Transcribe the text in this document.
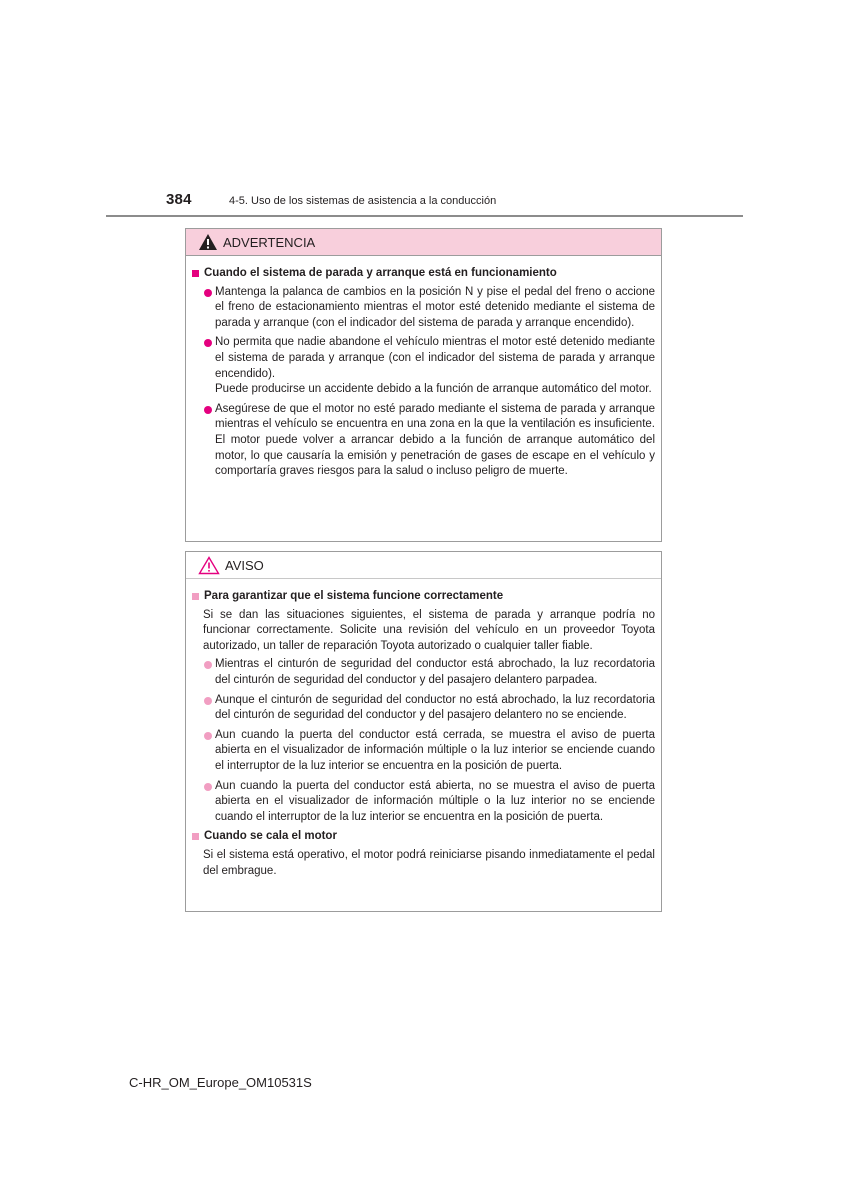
384	4-5. Uso de los sistemas de asistencia a la conducción
ADVERTENCIA
Cuando el sistema de parada y arranque está en funcionamiento
Mantenga la palanca de cambios en la posición N y pise el pedal del freno o accione el freno de estacionamiento mientras el motor esté detenido mediante el sistema de parada y arranque (con el indicador del sistema de parada y arranque encendido).
No permita que nadie abandone el vehículo mientras el motor esté detenido mediante el sistema de parada y arranque (con el indicador del sistema de parada y arranque encendido).
Puede producirse un accidente debido a la función de arranque automático del motor.
Asegúrese de que el motor no esté parado mediante el sistema de parada y arranque mientras el vehículo se encuentra en una zona en la que la ventilación es insuficiente. El motor puede volver a arrancar debido a la función de arranque automático del motor, lo que causaría la emisión y penetración de gases de escape en el vehículo y comportaría graves riesgos para la salud o incluso peligro de muerte.
AVISO
Para garantizar que el sistema funcione correctamente
Si se dan las situaciones siguientes, el sistema de parada y arranque podría no funcionar correctamente. Solicite una revisión del vehículo en un proveedor Toyota autorizado, un taller de reparación Toyota autorizado o cualquier taller fiable.
Mientras el cinturón de seguridad del conductor está abrochado, la luz recordatoria del cinturón de seguridad del conductor y del pasajero delantero parpadea.
Aunque el cinturón de seguridad del conductor no está abrochado, la luz recordatoria del cinturón de seguridad del conductor y del pasajero delantero no se enciende.
Aun cuando la puerta del conductor está cerrada, se muestra el aviso de puerta abierta en el visualizador de información múltiple o la luz interior se enciende cuando el interruptor de la luz interior se encuentra en la posición de puerta.
Aun cuando la puerta del conductor está abierta, no se muestra el aviso de puerta abierta en el visualizador de información múltiple o la luz interior no se enciende cuando el interruptor de la luz interior se encuentra en la posición de puerta.
Cuando se cala el motor
Si el sistema está operativo, el motor podrá reiniciarse pisando inmediatamente el pedal del embrague.
C-HR_OM_Europe_OM10531S
